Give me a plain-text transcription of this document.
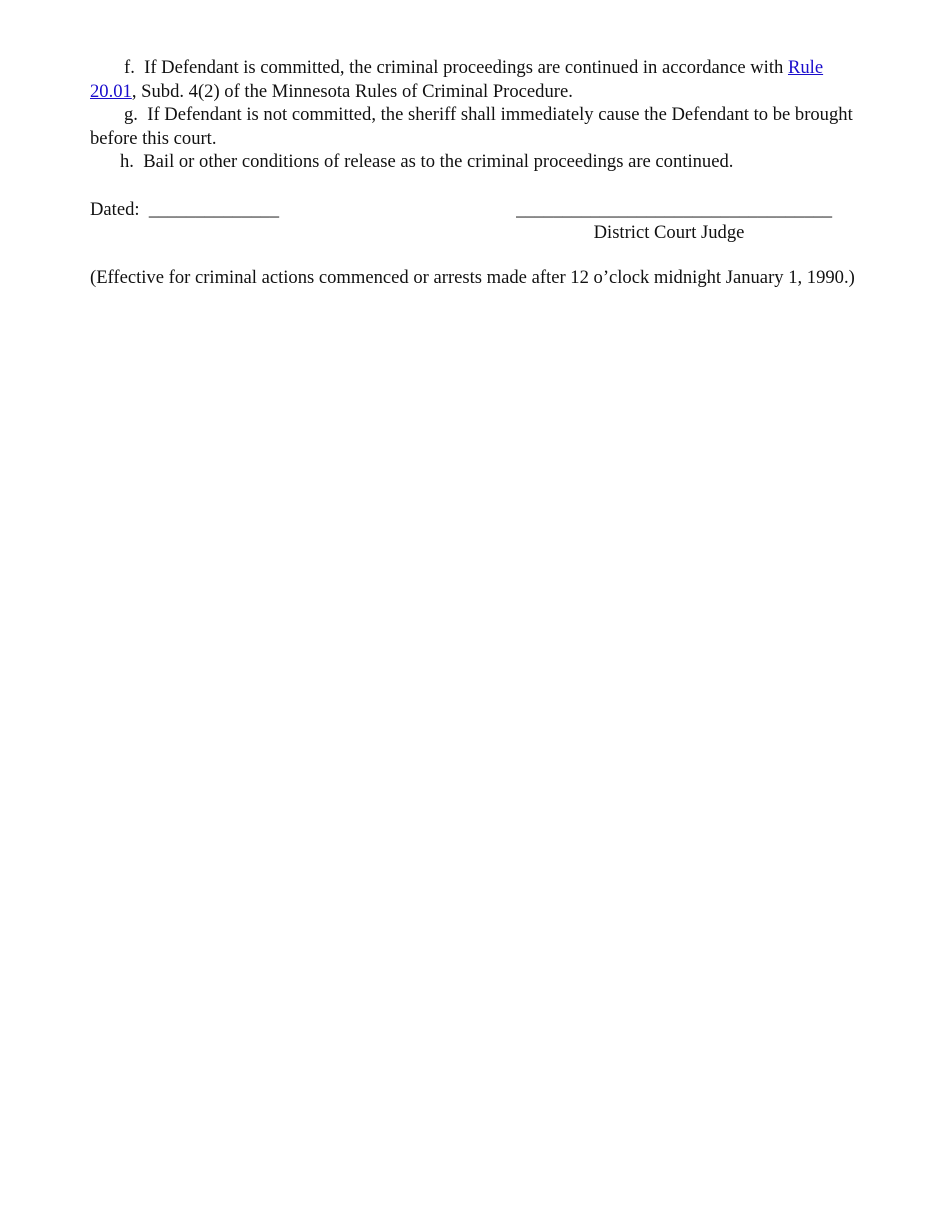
f. If Defendant is committed, the criminal proceedings are continued in accordance with Rule 20.01, Subd. 4(2) of the Minnesota Rules of Criminal Procedure.

g. If Defendant is not committed, the sheriff shall immediately cause the Defendant to be brought before this court.

h. Bail or other conditions of release as to the criminal proceedings are continued.

Dated: ______________	__________________________________
District Court Judge

(Effective for criminal actions commenced or arrests made after 12 o’clock midnight January 1, 1990.)
